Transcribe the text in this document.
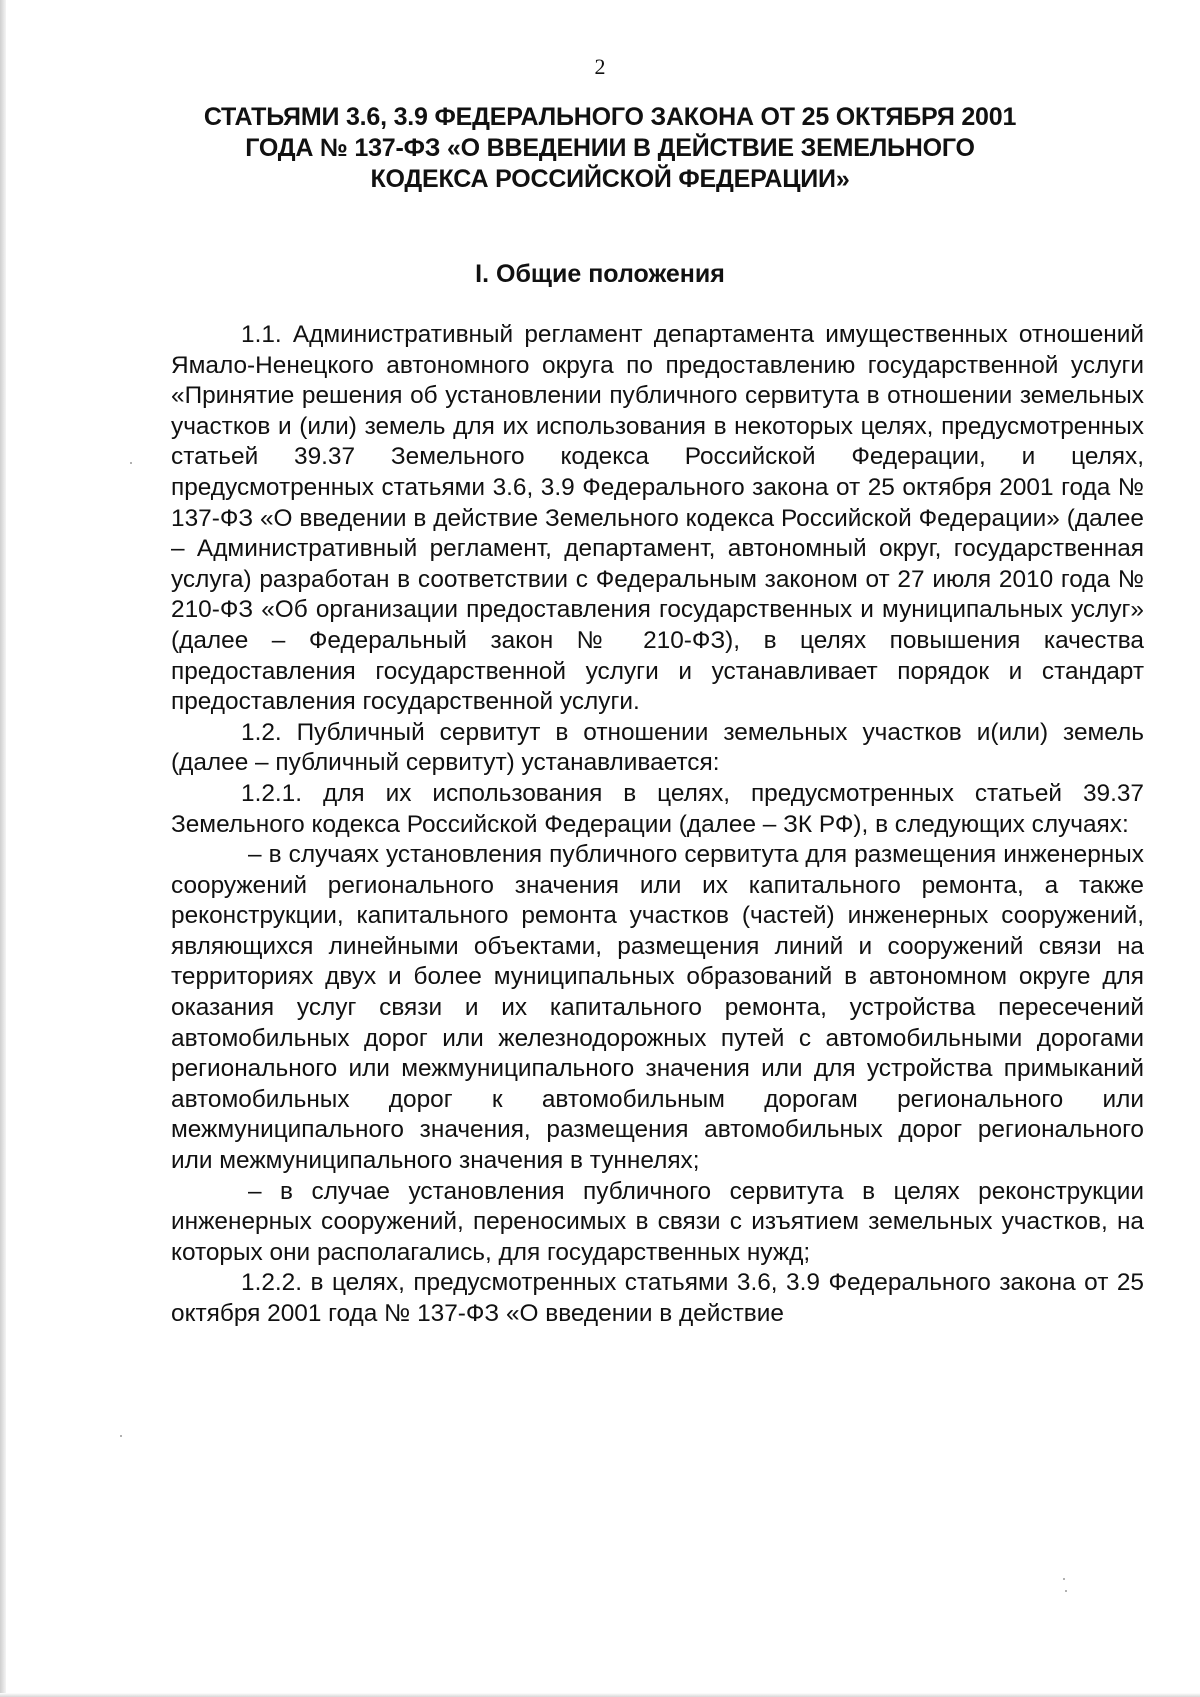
2
СТАТЬЯМИ 3.6, 3.9 ФЕДЕРАЛЬНОГО ЗАКОНА ОТ 25 ОКТЯБРЯ 2001
ГОДА № 137-ФЗ «О ВВЕДЕНИИ В ДЕЙСТВИЕ ЗЕМЕЛЬНОГО
КОДЕКСА РОССИЙСКОЙ ФЕДЕРАЦИИ»
I. Общие положения

1.1. Административный регламент департамента имущественных отношений Ямало-Ненецкого автономного округа по предоставлению государственной услуги «Принятие решения об установлении публичного сервитута в отношении земельных участков и (или) земель для их использования в некоторых целях, предусмотренных статьей 39.37 Земельного кодекса Российской Федерации, и целях, предусмотренных статьями 3.6, 3.9 Федерального закона от 25 октября 2001 года № 137-ФЗ «О введении в действие Земельного кодекса Российской Федерации» (далее – Административный регламент, департамент, автономный округ, государственная услуга) разработан в соответствии с Федеральным законом от 27 июля 2010 года № 210-ФЗ «Об организации предоставления государственных и муниципальных услуг» (далее – Федеральный закон № 210-ФЗ), в целях повышения качества предоставления государственной услуги и устанавливает порядок и стандарт предоставления государственной услуги.

1.2. Публичный сервитут в отношении земельных участков и(или) земель (далее – публичный сервитут) устанавливается:

1.2.1. для их использования в целях, предусмотренных статьей 39.37 Земельного кодекса Российской Федерации (далее – ЗК РФ), в следующих случаях:

– в случаях установления публичного сервитута для размещения инженерных сооружений регионального значения или их капитального ремонта, а также реконструкции, капитального ремонта участков (частей) инженерных сооружений, являющихся линейными объектами, размещения линий и сооружений связи на территориях двух и более муниципальных образований в автономном округе для оказания услуг связи и их капитального ремонта, устройства пересечений автомобильных дорог или железнодорожных путей с автомобильными дорогами регионального или межмуниципального значения или для устройства примыканий автомобильных дорог к автомобильным дорогам регионального или межмуниципального значения, размещения автомобильных дорог регионального или межмуниципального значения в туннелях;

– в случае установления публичного сервитута в целях реконструкции инженерных сооружений, переносимых в связи с изъятием земельных участков, на которых они располагались, для государственных нужд;

1.2.2. в целях, предусмотренных статьями 3.6, 3.9 Федерального закона от 25 октября 2001 года № 137-ФЗ «О введении в действие
